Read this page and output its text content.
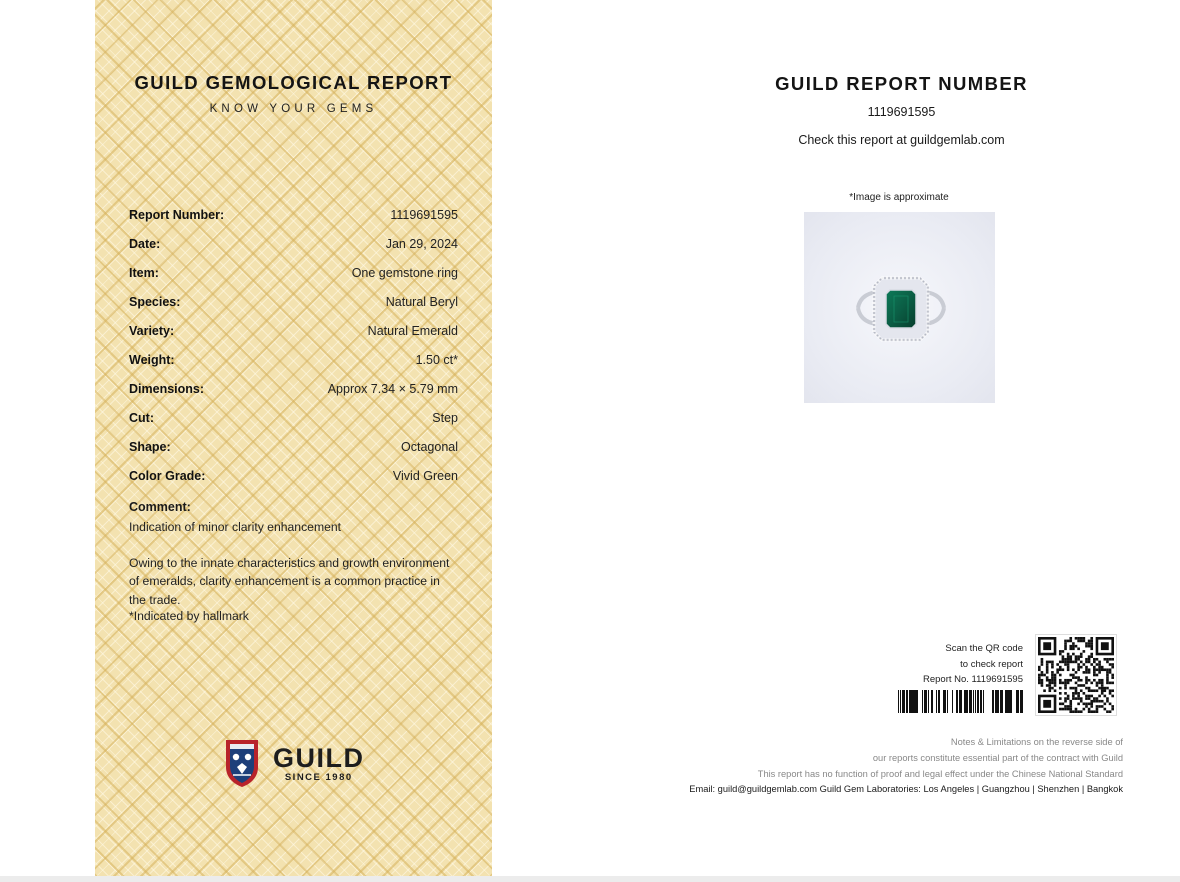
GUILD GEMOLOGICAL REPORT
KNOW YOUR GEMS
Report Number:	1119691595
Date:	Jan 29, 2024
Item:	One gemstone ring
Species:	Natural Beryl
Variety:	Natural Emerald
Weight:	1.50 ct*
Dimensions:	Approx 7.34 × 5.79 mm
Cut:	Step
Shape:	Octagonal
Color Grade:	Vivid Green
Comment:
Indication of minor clarity enhancement
Owing to the innate characteristics and growth environment of emeralds, clarity enhancement is a common practice in the trade.
*Indicated by hallmark
GUILD
SINCE 1980
GUILD REPORT NUMBER
1119691595
Check this report at guildgemlab.com
*Image is approximate
Scan the QR code
to check report
Report No. 1119691595
Notes & Limitations on the reverse side of
our reports constitute essential part of the contract with Guild
This report has no function of proof and legal effect under the Chinese National Standard
Email: guild@guildgemlab.com Guild Gem Laboratories: Los Angeles | Guangzhou | Shenzhen | Bangkok
